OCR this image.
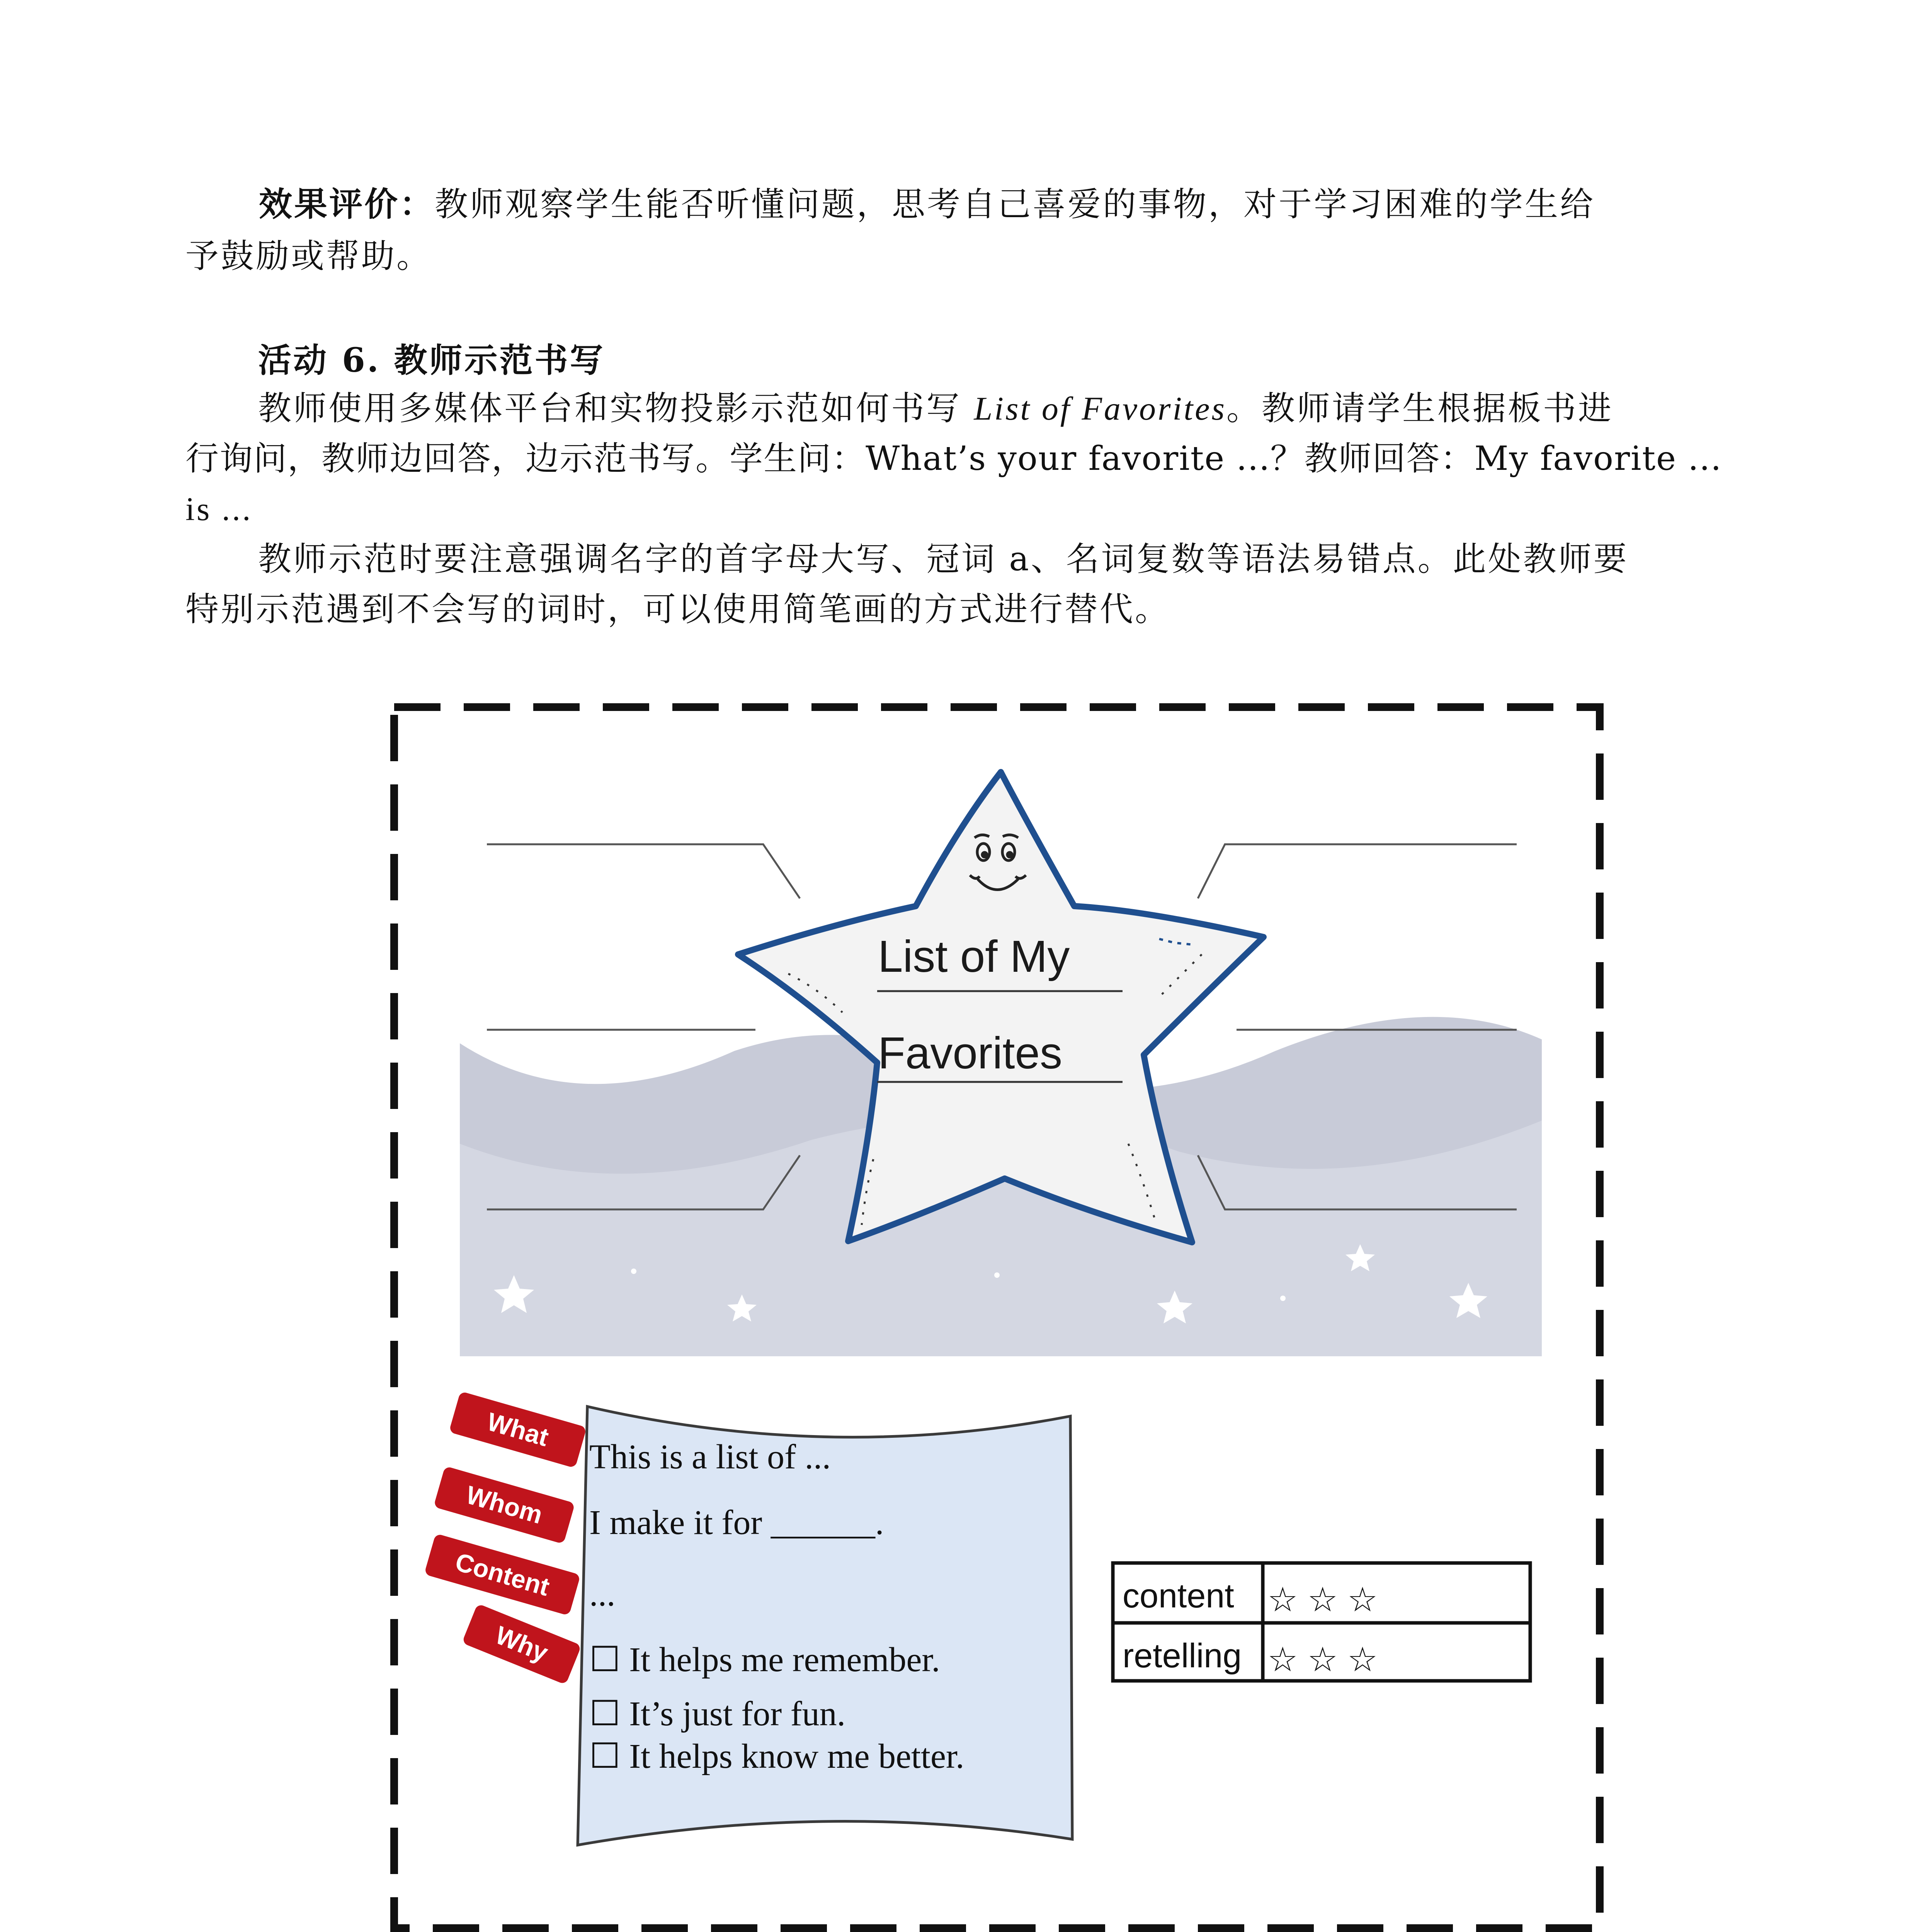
效果评价：教师观察学生能否听懂问题，思考自己喜爱的事物，对于学习困难的学生给
予鼓励或帮助。
活动 6. 教师示范书写
教师使用多媒体平台和实物投影示范如何书写 List of Favorites。教师请学生根据板书进
行询问，教师边回答，边示范书写。学生问：What’s your favorite ...？教师回答：My favorite ...
is ...
教师示范时要注意强调名字的首字母大写、冠词 a、名词复数等语法易错点。此处教师要
特别示范遇到不会写的词时，可以使用简笔画的方式进行替代。
List of My
Favorites
This is a list of ...
I make it for ______.
...
☐ It helps me remember.
☐ It’s just for fun.
☐ It helps know me better.
What
Whom
Content
Why
content ☆ ☆ ☆
retelling ☆ ☆ ☆
